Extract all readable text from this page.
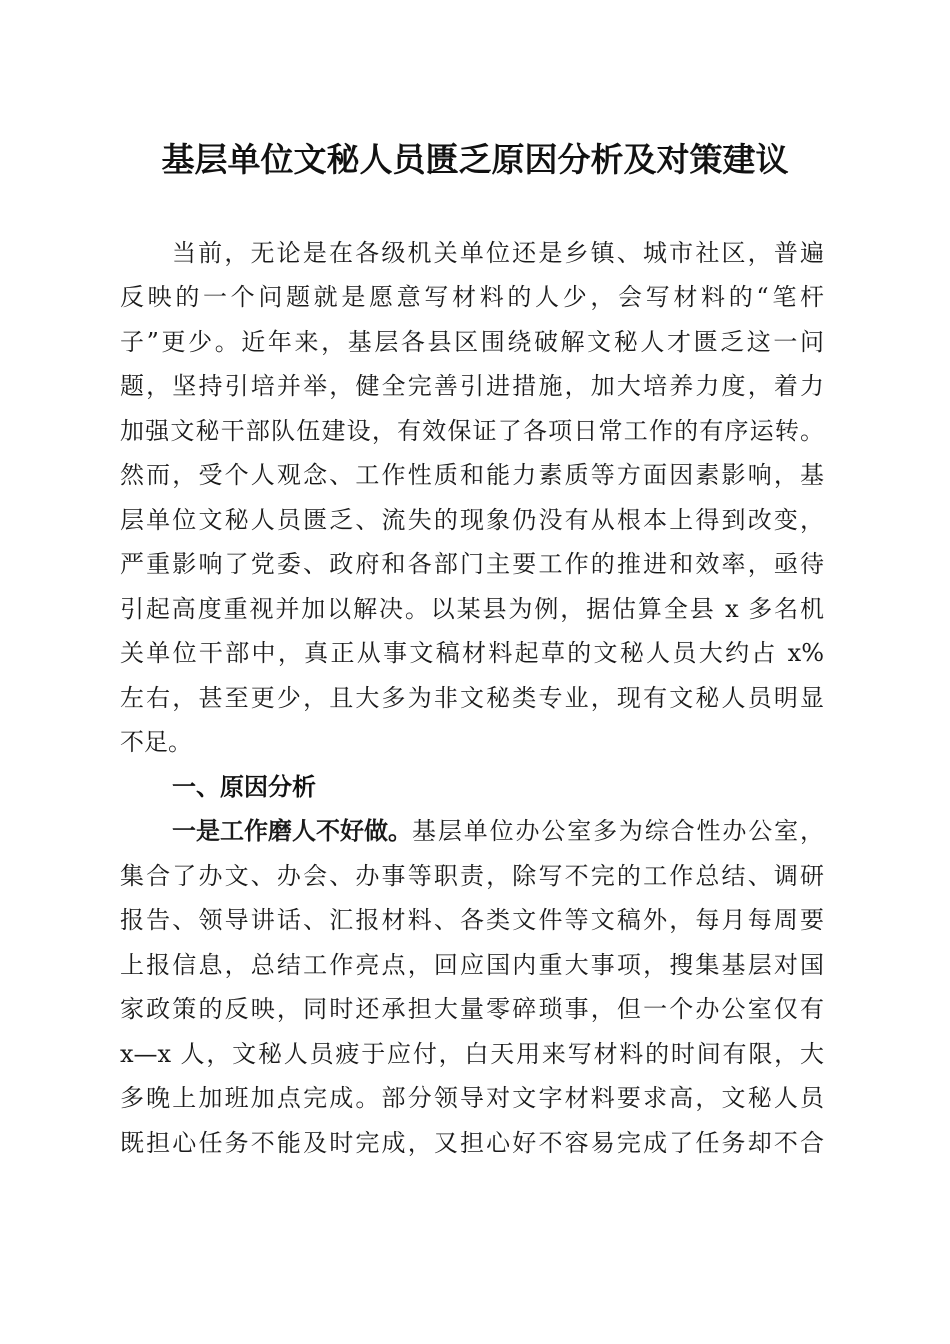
基层单位文秘人员匮乏原因分析及对策建议
当前，无论是在各级机关单位还是乡镇、城市社区，普遍
反映的一个问题就是愿意写材料的人少，会写材料的“笔杆
子”更少。近年来，基层各县区围绕破解文秘人才匮乏这一问
题，坚持引培并举，健全完善引进措施，加大培养力度，着力
加强文秘干部队伍建设，有效保证了各项日常工作的有序运转。
然而，受个人观念、工作性质和能力素质等方面因素影响，基
层单位文秘人员匮乏、流失的现象仍没有从根本上得到改变，
严重影响了党委、政府和各部门主要工作的推进和效率，亟待
引起高度重视并加以解决。以某县为例，据估算全县 x 多名机
关单位干部中，真正从事文稿材料起草的文秘人员大约占 x%
左右，甚至更少，且大多为非文秘类专业，现有文秘人员明显
不足。
一、原因分析
一是工作磨人不好做。 基层单位办公室多为综合性办公室，
集合了办文、办会、办事等职责，除写不完的工作总结、调研
报告、领导讲话、汇报材料、各类文件等文稿外，每月每周要
上报信息，总结工作亮点，回应国内重大事项，搜集基层对国
家政策的反映，同时还承担大量零碎琐事，但一个办公室仅有
x—x 人，文秘人员疲于应付，白天用来写材料的时间有限，大
多晚上加班加点完成。部分领导对文字材料要求高，文秘人员
既担心任务不能及时完成，又担心好不容易完成了任务却不合
